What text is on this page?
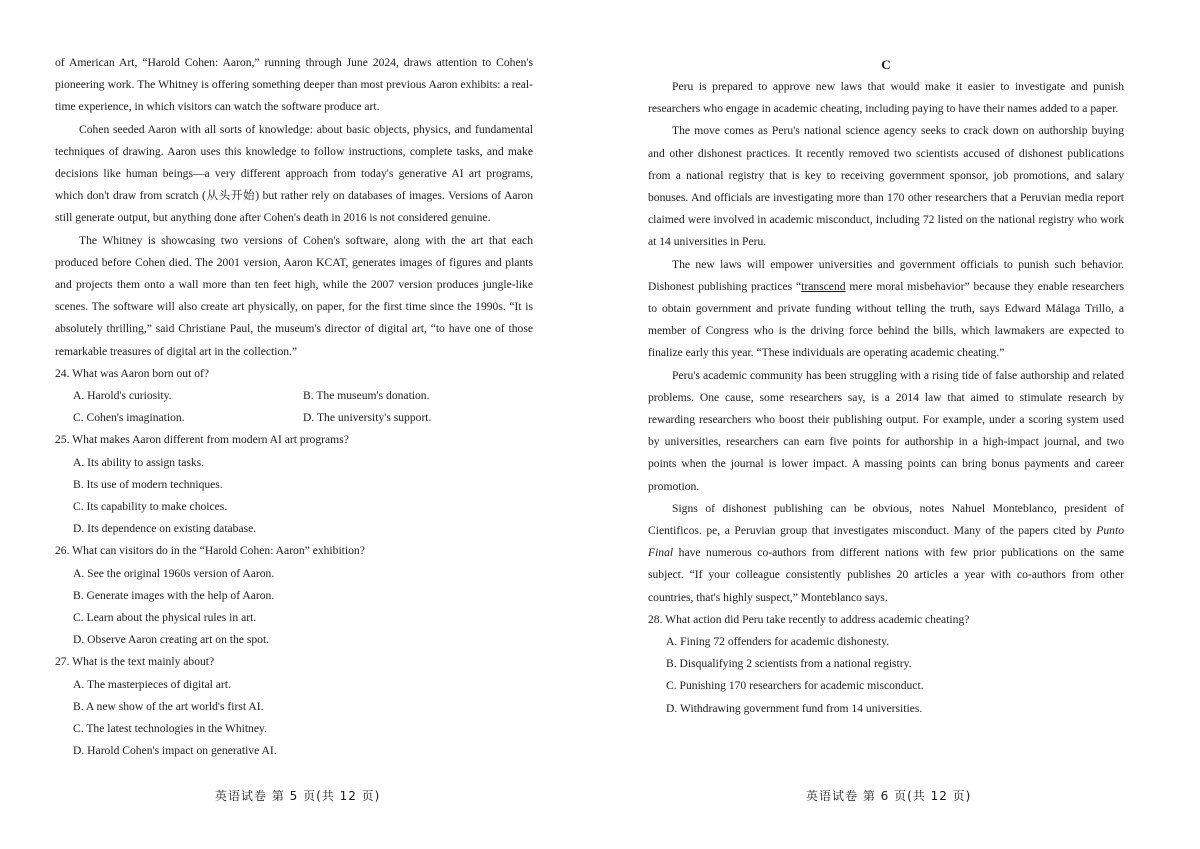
of American Art, “Harold Cohen: Aaron,” running through June 2024, draws attention to Cohen's pioneering work. The Whitney is offering something deeper than most previous Aaron exhibits: a real-time experience, in which visitors can watch the software produce art.

Cohen seeded Aaron with all sorts of knowledge: about basic objects, physics, and fundamental techniques of drawing. Aaron uses this knowledge to follow instructions, complete tasks, and make decisions like human beings—a very different approach from today's generative AI art programs, which don't draw from scratch (从头开始) but rather rely on databases of images. Versions of Aaron still generate output, but anything done after Cohen's death in 2016 is not considered genuine.

The Whitney is showcasing two versions of Cohen's software, along with the art that each produced before Cohen died. The 2001 version, Aaron KCAT, generates images of figures and plants and projects them onto a wall more than ten feet high, while the 2007 version produces jungle-like scenes. The software will also create art physically, on paper, for the first time since the 1990s. “It is absolutely thrilling,” said Christiane Paul, the museum's director of digital art, “to have one of those remarkable treasures of digital art in the collection.”

24. What was Aaron born out of?

A. Harold's curiosity.	B. The museum's donation.

C. Cohen's imagination.	D. The university's support.

25. What makes Aaron different from modern AI art programs?

A. Its ability to assign tasks.

B. Its use of modern techniques.

C. Its capability to make choices.

D. Its dependence on existing database.

26. What can visitors do in the “Harold Cohen: Aaron” exhibition?

A. See the original 1960s version of Aaron.

B. Generate images with the help of Aaron.

C. Learn about the physical rules in art.

D. Observe Aaron creating art on the spot.

27. What is the text mainly about?

A. The masterpieces of digital art.

B. A new show of the art world's first AI.

C. The latest technologies in the Whitney.

D. Harold Cohen's impact on generative AI.

C

Peru is prepared to approve new laws that would make it easier to investigate and punish researchers who engage in academic cheating, including paying to have their names added to a paper.

The move comes as Peru's national science agency seeks to crack down on authorship buying and other dishonest practices. It recently removed two scientists accused of dishonest publications from a national registry that is key to receiving government sponsor, job promotions, and salary bonuses. And officials are investigating more than 170 other researchers that a Peruvian media report claimed were involved in academic misconduct, including 72 listed on the national registry who work at 14 universities in Peru.

The new laws will empower universities and government officials to punish such behavior. Dishonest publishing practices “transcend mere moral misbehavior” because they enable researchers to obtain government and private funding without telling the truth, says Edward Málaga Trillo, a member of Congress who is the driving force behind the bills, which lawmakers are expected to finalize early this year. “These individuals are operating academic cheating.”

Peru's academic community has been struggling with a rising tide of false authorship and related problems. One cause, some researchers say, is a 2014 law that aimed to stimulate research by rewarding researchers who boost their publishing output. For example, under a scoring system used by universities, researchers can earn five points for authorship in a high-impact journal, and two points when the journal is lower impact. A massing points can bring bonus payments and career promotion.

Signs of dishonest publishing can be obvious, notes Nahuel Monteblanco, president of Cientificos. pe, a Peruvian group that investigates misconduct. Many of the papers cited by Punto Final have numerous co-authors from different nations with few prior publications on the same subject. “If your colleague consistently publishes 20 articles a year with co-authors from other countries, that's highly suspect,” Monteblanco says.

28. What action did Peru take recently to address academic cheating?

A. Fining 72 offenders for academic dishonesty.

B. Disqualifying 2 scientists from a national registry.

C. Punishing 170 researchers for academic misconduct.

D. Withdrawing government fund from 14 universities.

英语试卷 第 5 页(共 12 页)	英语试卷 第 6 页(共 12 页)
